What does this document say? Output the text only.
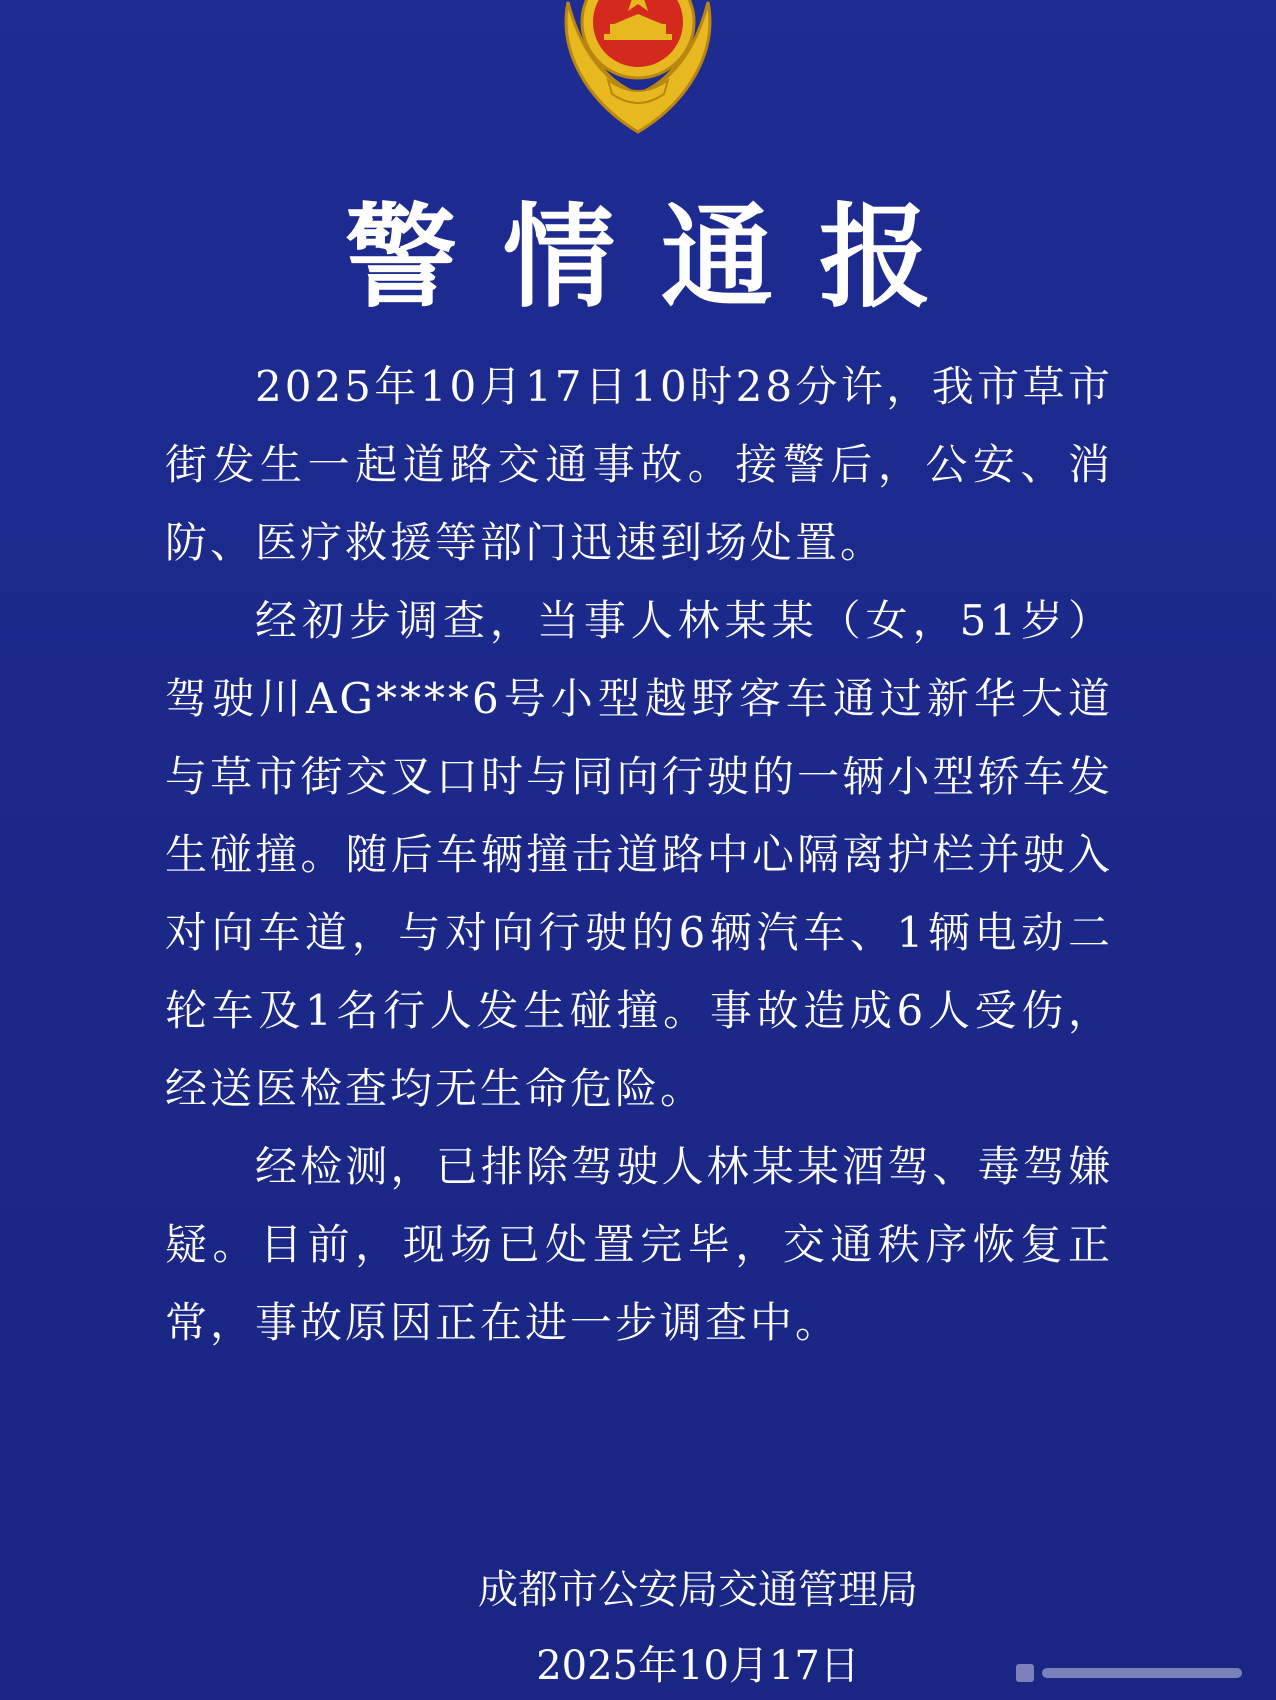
警情通报

2025年10月17日10时28分许，我市草市街发生一起道路交通事故。接警后，公安、消防、医疗救援等部门迅速到场处置。

经初步调查，当事人林某某（女，51岁）驾驶川AG****6号小型越野客车通过新华大道与草市街交叉口时与同向行驶的一辆小型轿车发生碰撞。随后车辆撞击道路中心隔离护栏并驶入对向车道，与对向行驶的6辆汽车、1辆电动二轮车及1名行人发生碰撞。事故造成6人受伤，经送医检查均无生命危险。

经检测，已排除驾驶人林某某酒驾、毒驾嫌疑。目前，现场已处置完毕，交通秩序恢复正常，事故原因正在进一步调查中。

成都市公安局交通管理局
2025年10月17日
